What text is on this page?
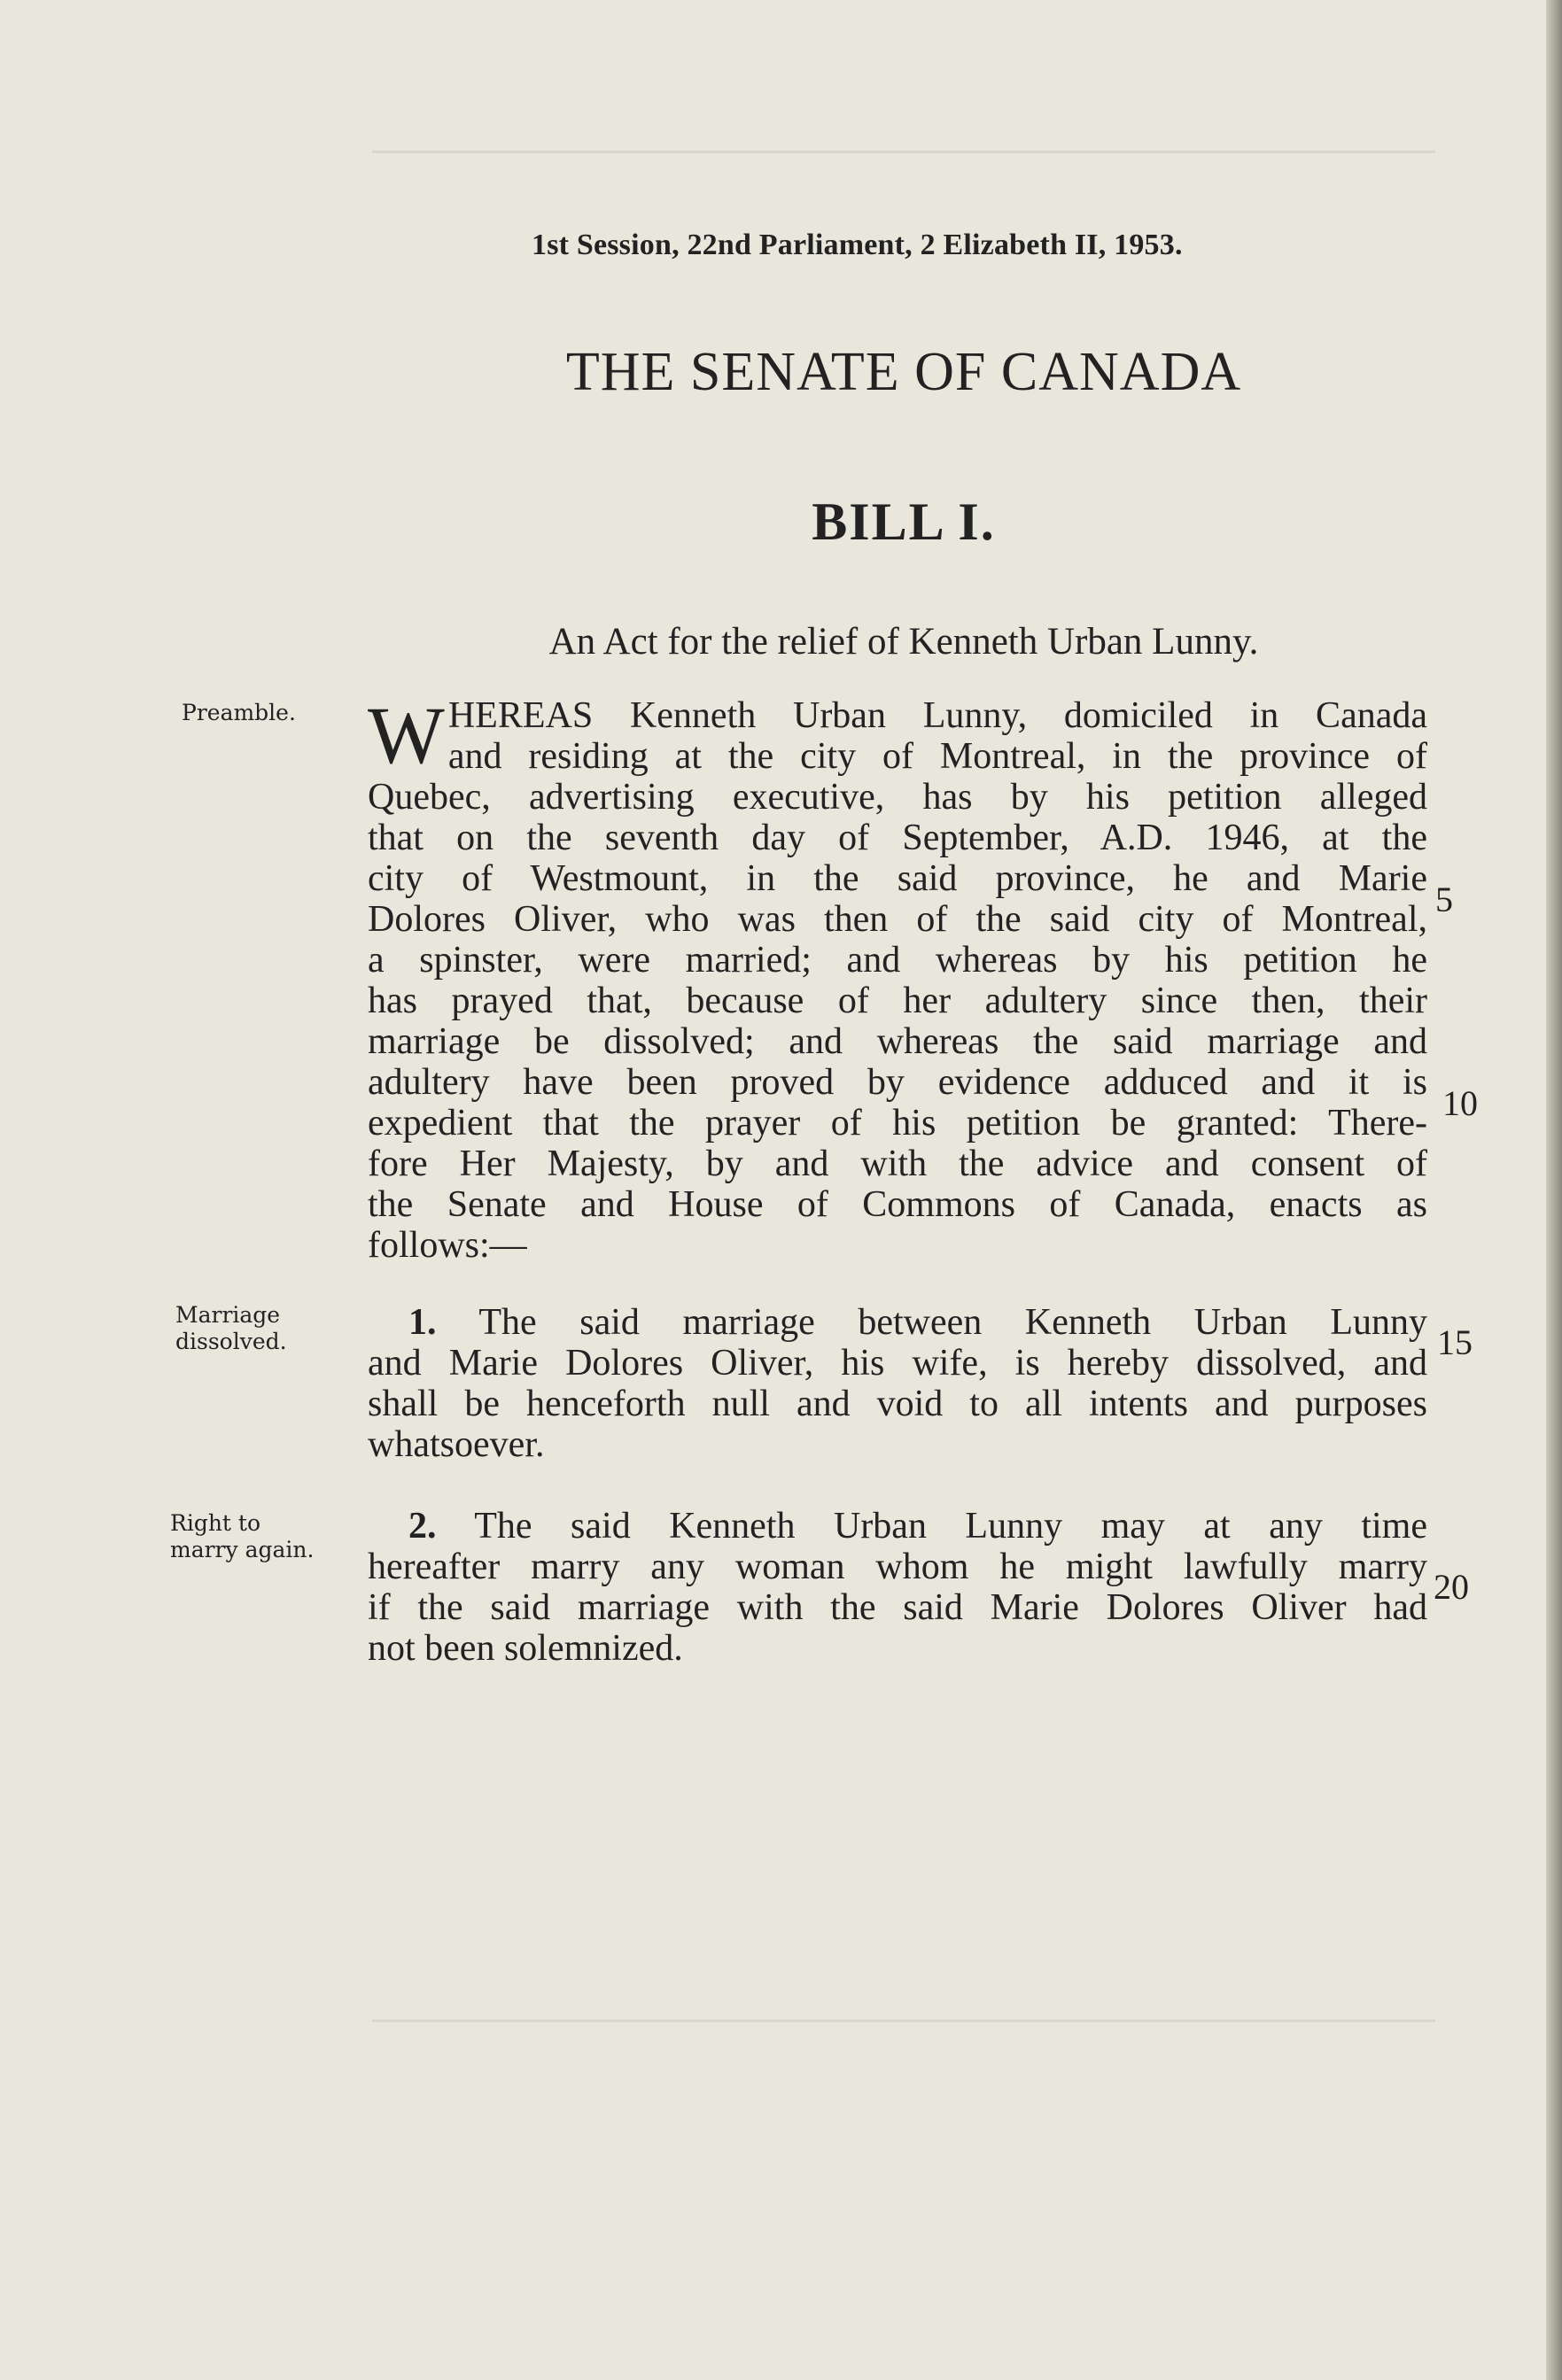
1st Session, 22nd Parliament, 2 Elizabeth II, 1953.
THE SENATE OF CANADA
BILL I.
An Act for the relief of Kenneth Urban Lunny.
Preamble.
Marriage
dissolved.
Right to
marry again.
W HEREAS Kenneth Urban Lunny, domiciled in Canada
and residing at the city of Montreal, in the province of
Quebec, advertising executive, has by his petition alleged
that on the seventh day of September, A.D. 1946, at the
city of Westmount, in the said province, he and Marie
Dolores Oliver, who was then of the said city of Montreal,
a spinster, were married; and whereas by his petition he
has prayed that, because of her adultery since then, their
marriage be dissolved; and whereas the said marriage and
adultery have been proved by evidence adduced and it is
expedient that the prayer of his petition be granted: There-
fore Her Majesty, by and with the advice and consent of
the Senate and House of Commons of Canada, enacts as
follows:—
1. The said marriage between Kenneth Urban Lunny
and Marie Dolores Oliver, his wife, is hereby dissolved, and
shall be henceforth null and void to all intents and purposes
whatsoever.
2. The said Kenneth Urban Lunny may at any time
hereafter marry any woman whom he might lawfully marry
if the said marriage with the said Marie Dolores Oliver had
not been solemnized.
5
10
15
20
